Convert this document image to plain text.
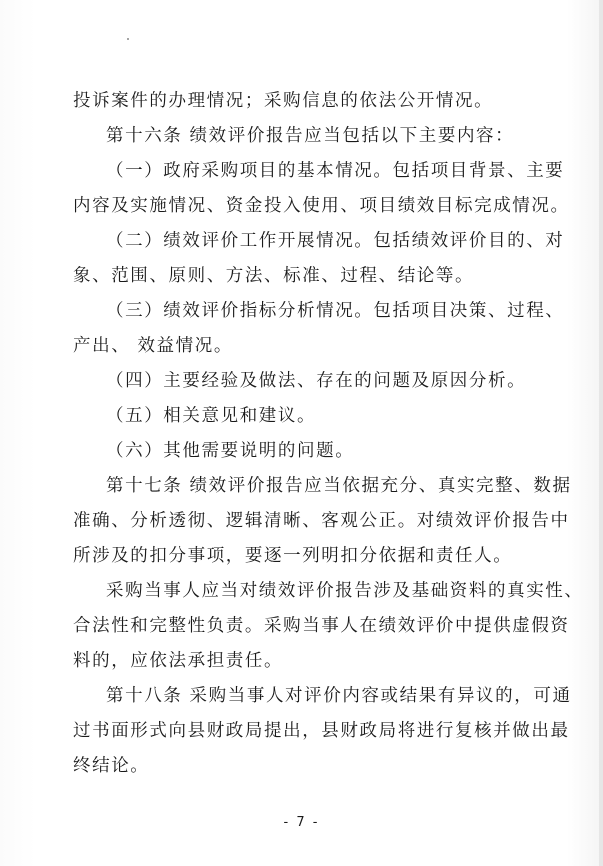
投诉案件的办理情况；采购信息的依法公开情况。
第十六条 绩效评价报告应当包括以下主要内容：
（一）政府采购项目的基本情况。包括项目背景、主要
内容及实施情况、资金投入使用、项目绩效目标完成情况。
（二）绩效评价工作开展情况。包括绩效评价目的、对
象、范围、原则、方法、标准、过程、结论等。
（三）绩效评价指标分析情况。包括项目决策、过程、
产出、 效益情况。
（四）主要经验及做法、存在的问题及原因分析。
（五）相关意见和建议。
（六）其他需要说明的问题。
第十七条 绩效评价报告应当依据充分、真实完整、数据
准确、分析透彻、逻辑清晰、客观公正。对绩效评价报告中
所涉及的扣分事项，要逐一列明扣分依据和责任人。
采购当事人应当对绩效评价报告涉及基础资料的真实性、
合法性和完整性负责。采购当事人在绩效评价中提供虚假资
料的，应依法承担责任。
第十八条 采购当事人对评价内容或结果有异议的，可通
过书面形式向县财政局提出，县财政局将进行复核并做出最
终结论。
- 7 -
